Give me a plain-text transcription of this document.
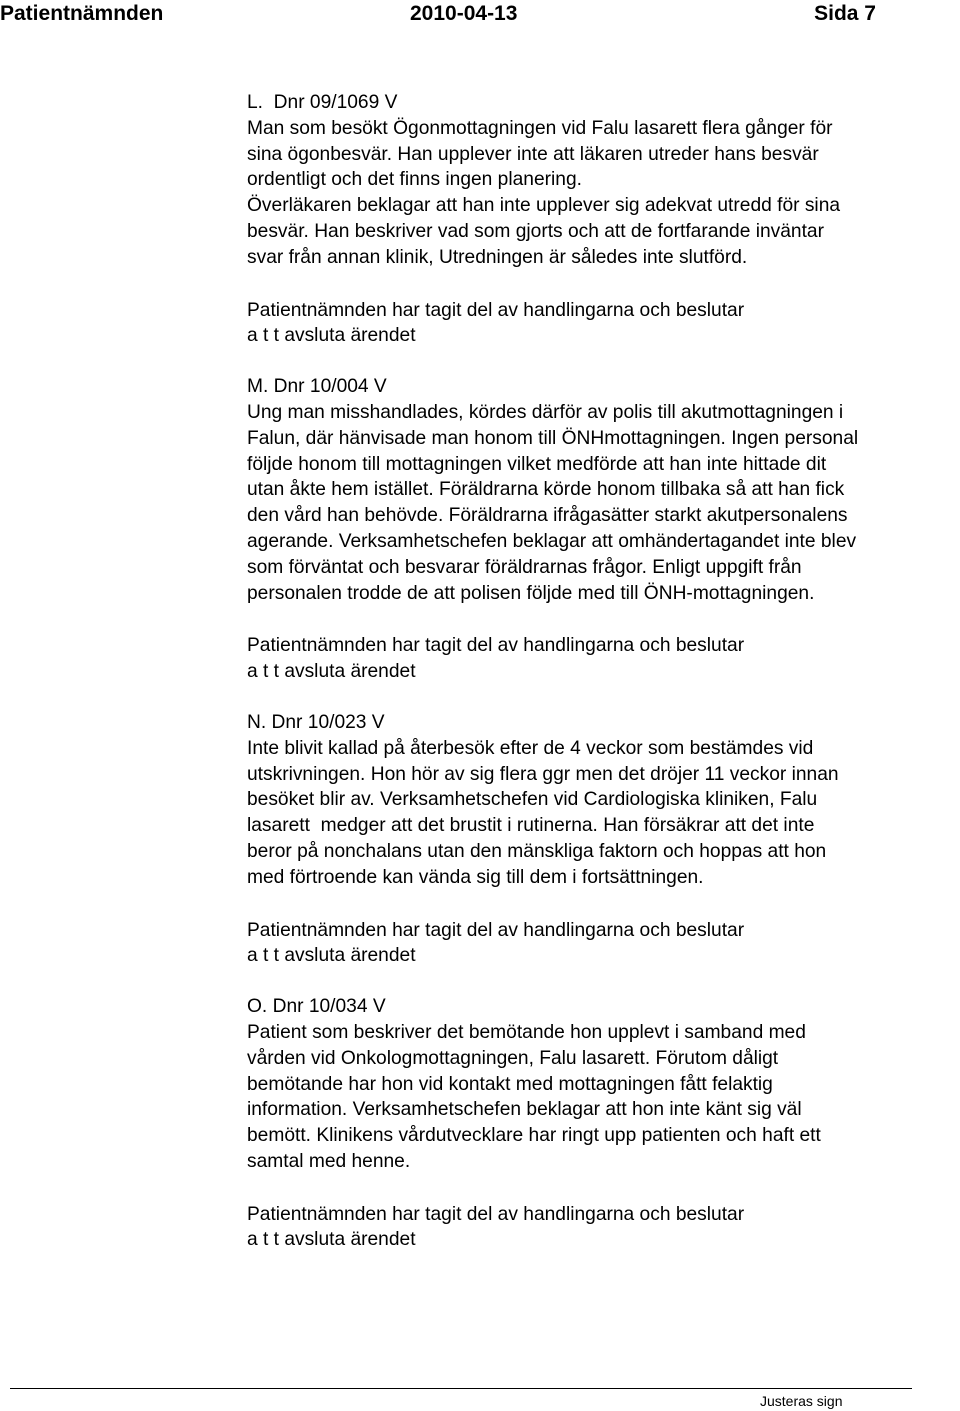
Patientnämnden	2010-04-13	Sida 7
L.  Dnr 09/1069 V
Man som besökt Ögonmottagningen vid Falu lasarett flera gånger för
sina ögonbesvär. Han upplever inte att läkaren utreder hans besvär
ordentligt och det finns ingen planering.
Överläkaren beklagar att han inte upplever sig adekvat utredd för sina
besvär. Han beskriver vad som gjorts och att de fortfarande inväntar
svar från annan klinik, Utredningen är således inte slutförd.
Patientnämnden har tagit del av handlingarna och beslutar
a t t avsluta ärendet
M. Dnr 10/004 V
Ung man misshandlades, kördes därför av polis till akutmottagningen i
Falun, där hänvisade man honom till ÖNHmottagningen. Ingen personal
följde honom till mottagningen vilket medförde att han inte hittade dit
utan åkte hem istället. Föräldrarna körde honom tillbaka så att han fick
den vård han behövde. Föräldrarna ifrågasätter starkt akutpersonalens
agerande. Verksamhetschefen beklagar att omhändertagandet inte blev
som förväntat och besvarar föräldrarnas frågor. Enligt uppgift från
personalen trodde de att polisen följde med till ÖNH-mottagningen.
Patientnämnden har tagit del av handlingarna och beslutar
a t t avsluta ärendet
N. Dnr 10/023 V
Inte blivit kallad på återbesök efter de 4 veckor som bestämdes vid
utskrivningen. Hon hör av sig flera ggr men det dröjer 11 veckor innan
besöket blir av. Verksamhetschefen vid Cardiologiska kliniken, Falu
lasarett  medger att det brustit i rutinerna. Han försäkrar att det inte
beror på nonchalans utan den mänskliga faktorn och hoppas att hon
med förtroende kan vända sig till dem i fortsättningen.
Patientnämnden har tagit del av handlingarna och beslutar
a t t avsluta ärendet
O. Dnr 10/034 V
Patient som beskriver det bemötande hon upplevt i samband med
vården vid Onkologmottagningen, Falu lasarett. Förutom dåligt
bemötande har hon vid kontakt med mottagningen fått felaktig
information. Verksamhetschefen beklagar att hon inte känt sig väl
bemött. Klinikens vårdutvecklare har ringt upp patienten och haft ett
samtal med henne.
Patientnämnden har tagit del av handlingarna och beslutar
a t t avsluta ärendet
Justeras sign
